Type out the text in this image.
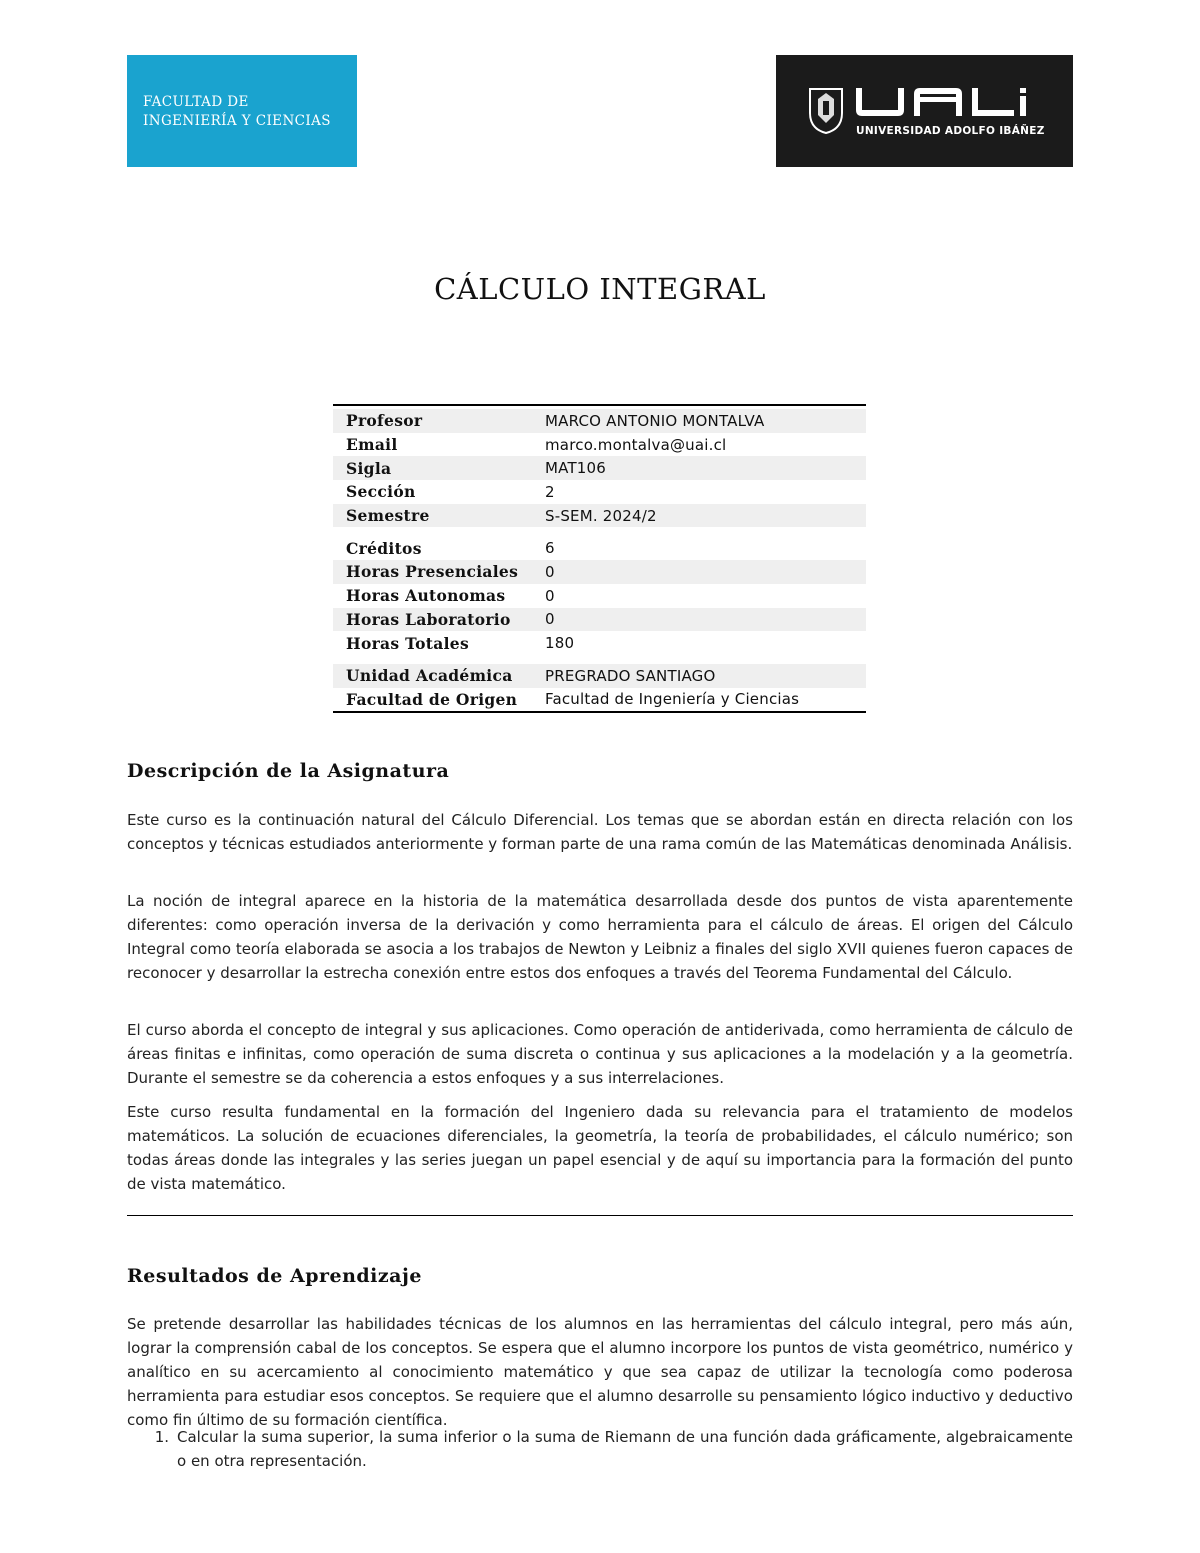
FACULTAD DE
INGENIERÍA Y CIENCIAS
UNIVERSIDAD ADOLFO IBÁÑEZ
CÁLCULO INTEGRAL
Profesor	MARCO ANTONIO MONTALVA
Email	marco.montalva@uai.cl
Sigla	MAT106
Sección	2
Semestre	S-SEM. 2024/2
Créditos	6
Horas Presenciales	0
Horas Autonomas	0
Horas Laboratorio	0
Horas Totales	180
Unidad Académica	PREGRADO SANTIAGO
Facultad de Origen	Facultad de Ingeniería y Ciencias
Descripción de la Asignatura
Este curso es la continuación natural del Cálculo Diferencial. Los temas que se abordan están en directa relación con los conceptos y técnicas estudiados anteriormente y forman parte de una rama común de las Matemáticas denominada Análisis.
La noción de integral aparece en la historia de la matemática desarrollada desde dos puntos de vista aparentemente diferentes: como operación inversa de la derivación y como herramienta para el cálculo de áreas. El origen del Cálculo Integral como teoría elaborada se asocia a los trabajos de Newton y Leibniz a finales del siglo XVII quienes fueron capaces de reconocer y desarrollar la estrecha conexión entre estos dos enfoques a través del Teorema Fundamental del Cálculo.
El curso aborda el concepto de integral y sus aplicaciones. Como operación de antiderivada, como herramienta de cálculo de áreas finitas e infinitas, como operación de suma discreta o continua y sus aplicaciones a la modelación y a la geometría. Durante el semestre se da coherencia a estos enfoques y a sus interrelaciones.
Este curso resulta fundamental en la formación del Ingeniero dada su relevancia para el tratamiento de modelos matemáticos. La solución de ecuaciones diferenciales, la geometría, la teoría de probabilidades, el cálculo numérico; son todas áreas donde las integrales y las series juegan un papel esencial y de aquí su importancia para la formación del punto de vista matemático.
Resultados de Aprendizaje
Se pretende desarrollar las habilidades técnicas de los alumnos en las herramientas del cálculo integral, pero más aún, lograr la comprensión cabal de los conceptos. Se espera que el alumno incorpore los puntos de vista geométrico, numérico y analítico en su acercamiento al conocimiento matemático y que sea capaz de utilizar la tecnología como poderosa herramienta para estudiar esos conceptos. Se requiere que el alumno desarrolle su pensamiento lógico inductivo y deductivo como fin último de su formación científica.
1. Calcular la suma superior, la suma inferior o la suma de Riemann de una función dada gráficamente, algebraicamente o en otra representación.
